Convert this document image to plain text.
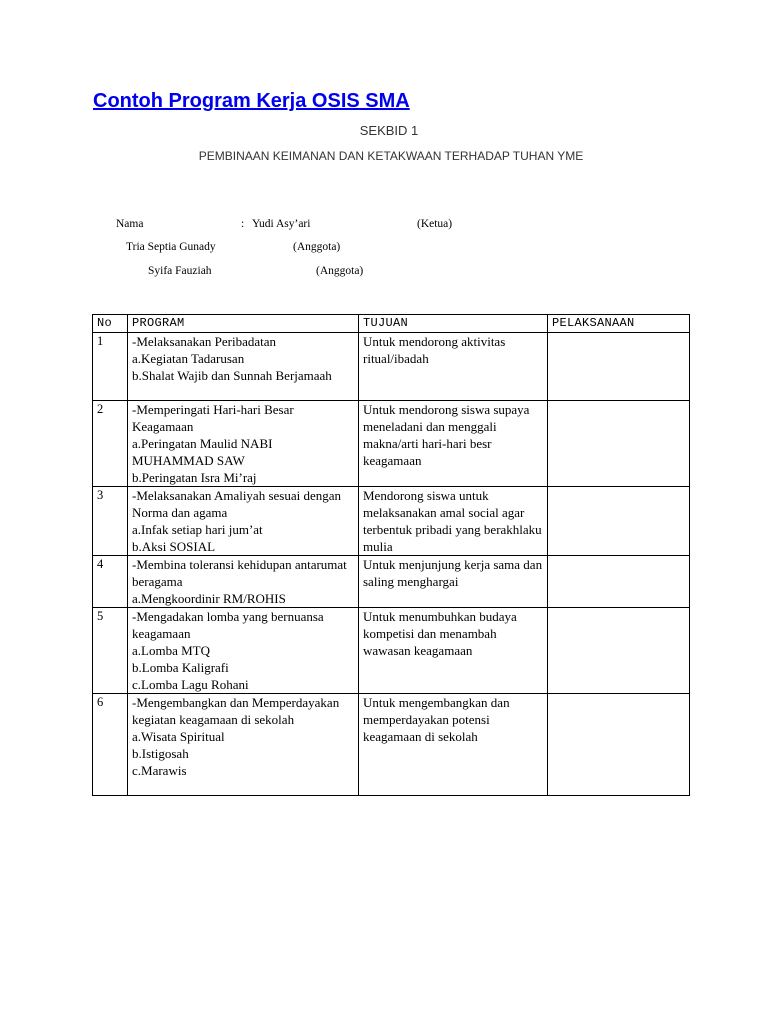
Contoh Program Kerja OSIS SMA
SEKBID 1
PEMBINAAN KEIMANAN DAN KETAKWAAN TERHADAP TUHAN YME
Nama	: Yudi Asy’ari	(Ketua)
Tria Septia Gunady	(Anggota)
Syifa Fauziah	(Anggota)
No	PROGRAM	TUJUAN	PELAKSANAAN
1	-Melaksanakan Peribadatan
a.Kegiatan Tadarusan
b.Shalat Wajib dan Sunnah Berjamaah	Untuk mendorong aktivitas ritual/ibadah	
2	-Memperingati Hari-hari Besar Keagamaan
a.Peringatan Maulid NABI MUHAMMAD SAW
b.Peringatan Isra Mi’raj	Untuk mendorong siswa supaya meneladani dan menggali makna/arti hari-hari besr keagamaan	
3	-Melaksanakan Amaliyah sesuai dengan Norma dan agama
a.Infak setiap hari jum’at
b.Aksi SOSIAL	Mendorong siswa untuk melaksanakan amal social agar terbentuk pribadi yang berakhlaku mulia	
4	-Membina toleransi kehidupan antarumat beragama
a.Mengkoordinir RM/ROHIS	Untuk menjunjung kerja sama dan saling menghargai	
5	-Mengadakan lomba yang bernuansa keagamaan
a.Lomba MTQ
b.Lomba Kaligrafi
c.Lomba Lagu Rohani	Untuk menumbuhkan budaya kompetisi dan menambah wawasan keagamaan	
6	-Mengembangkan dan Memperdayakan kegiatan keagamaan di sekolah
a.Wisata Spiritual
b.Istigosah
c.Marawis	Untuk mengembangkan dan memperdayakan potensi keagamaan di sekolah	
